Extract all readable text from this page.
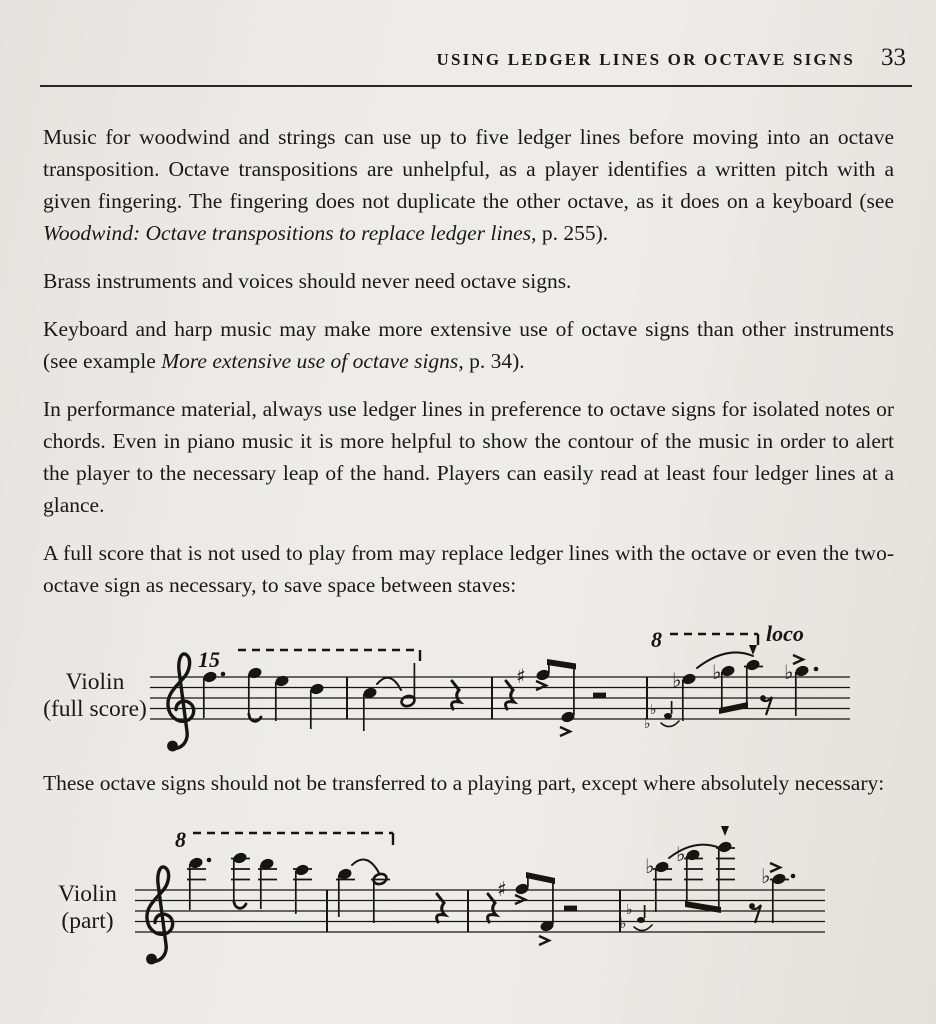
USING LEDGER LINES OR OCTAVE SIGNS 33

Music for woodwind and strings can use up to five ledger lines before moving into an octave transposition. Octave transpositions are unhelpful, as a player identifies a written pitch with a given fingering. The fingering does not duplicate the other octave, as it does on a keyboard (see Woodwind: Octave transpositions to replace ledger lines, p. 255).

Brass instruments and voices should never need octave signs.

Keyboard and harp music may make more extensive use of octave signs than other instruments (see example More extensive use of octave signs, p. 34).

In performance material, always use ledger lines in preference to octave signs for isolated notes or chords. Even in piano music it is more helpful to show the contour of the music in order to alert the player to the necessary leap of the hand. Players can easily read at least four ledger lines at a glance.

A full score that is not used to play from may replace ledger lines with the octave or even the two-octave sign as necessary, to save space between staves:

Violin
(full score)
15
♯
♭
♭
♭
8
♭
loco
♭

These octave signs should not be transferred to a playing part, except where absolutely necessary:

Violin
(part)
8
♯
♭
♭
♭ ♭
♭
